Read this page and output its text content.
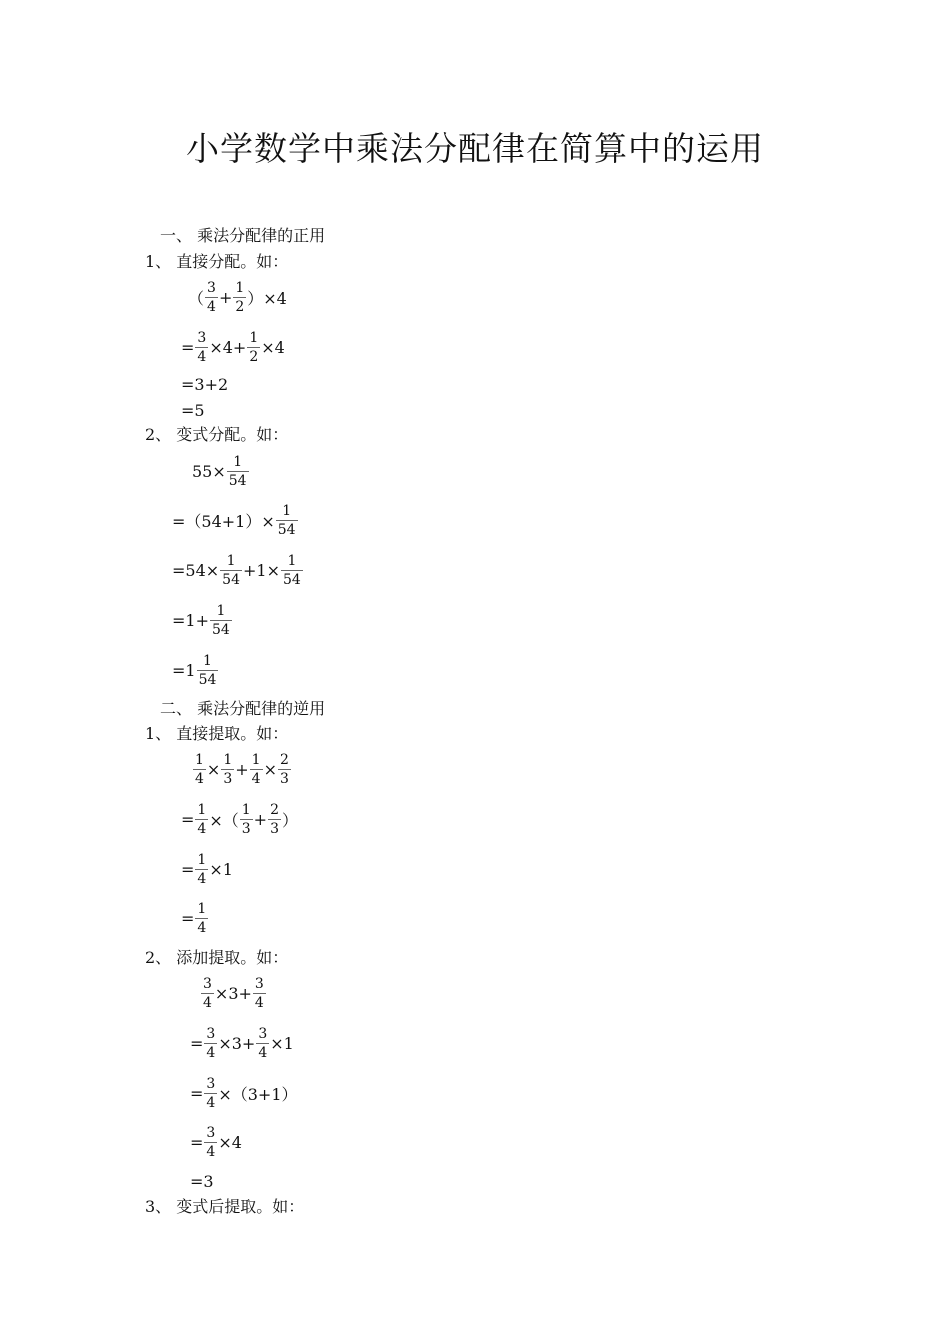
小学数学中乘法分配律在简算中的运用
一、 乘法分配律的正用
1、 直接分配。如：
（ $\frac{3}{4} + \frac{1}{2} )\times 4$
= $\frac{3}{4} \times 4+ \frac{1}{2} \times 4$
=3+2
=5
2、 变式分配。如：
$55\times \frac{1}{54}$
$=(54+1)\times \frac{1}{54}$
$=54\times \frac{1}{54} +1\times \frac{1}{54}$
$=1+ \frac{1}{54}$
$=1 \frac{1}{54}$
二、 乘法分配律的逆用
1、 直接提取。如：
$\frac{1}{4} \times \frac{1}{3} + \frac{1}{4} \times \frac{2}{3}$
= $\frac{1}{4}$ ×（ $\frac{1}{3} + \frac{2}{3}$ ）
= $\frac{1}{4} \times 1$
= $\frac{1}{4}$
2、 添加提取。如：
$\frac{3}{4} \times 3+ \frac{3}{4}$
= $\frac{3}{4} \times 3+ \frac{3}{4} \times 1$
= $\frac{3}{4} \times(3+1)$
= $\frac{3}{4} \times 4$
=3
3、 变式后提取。如：
